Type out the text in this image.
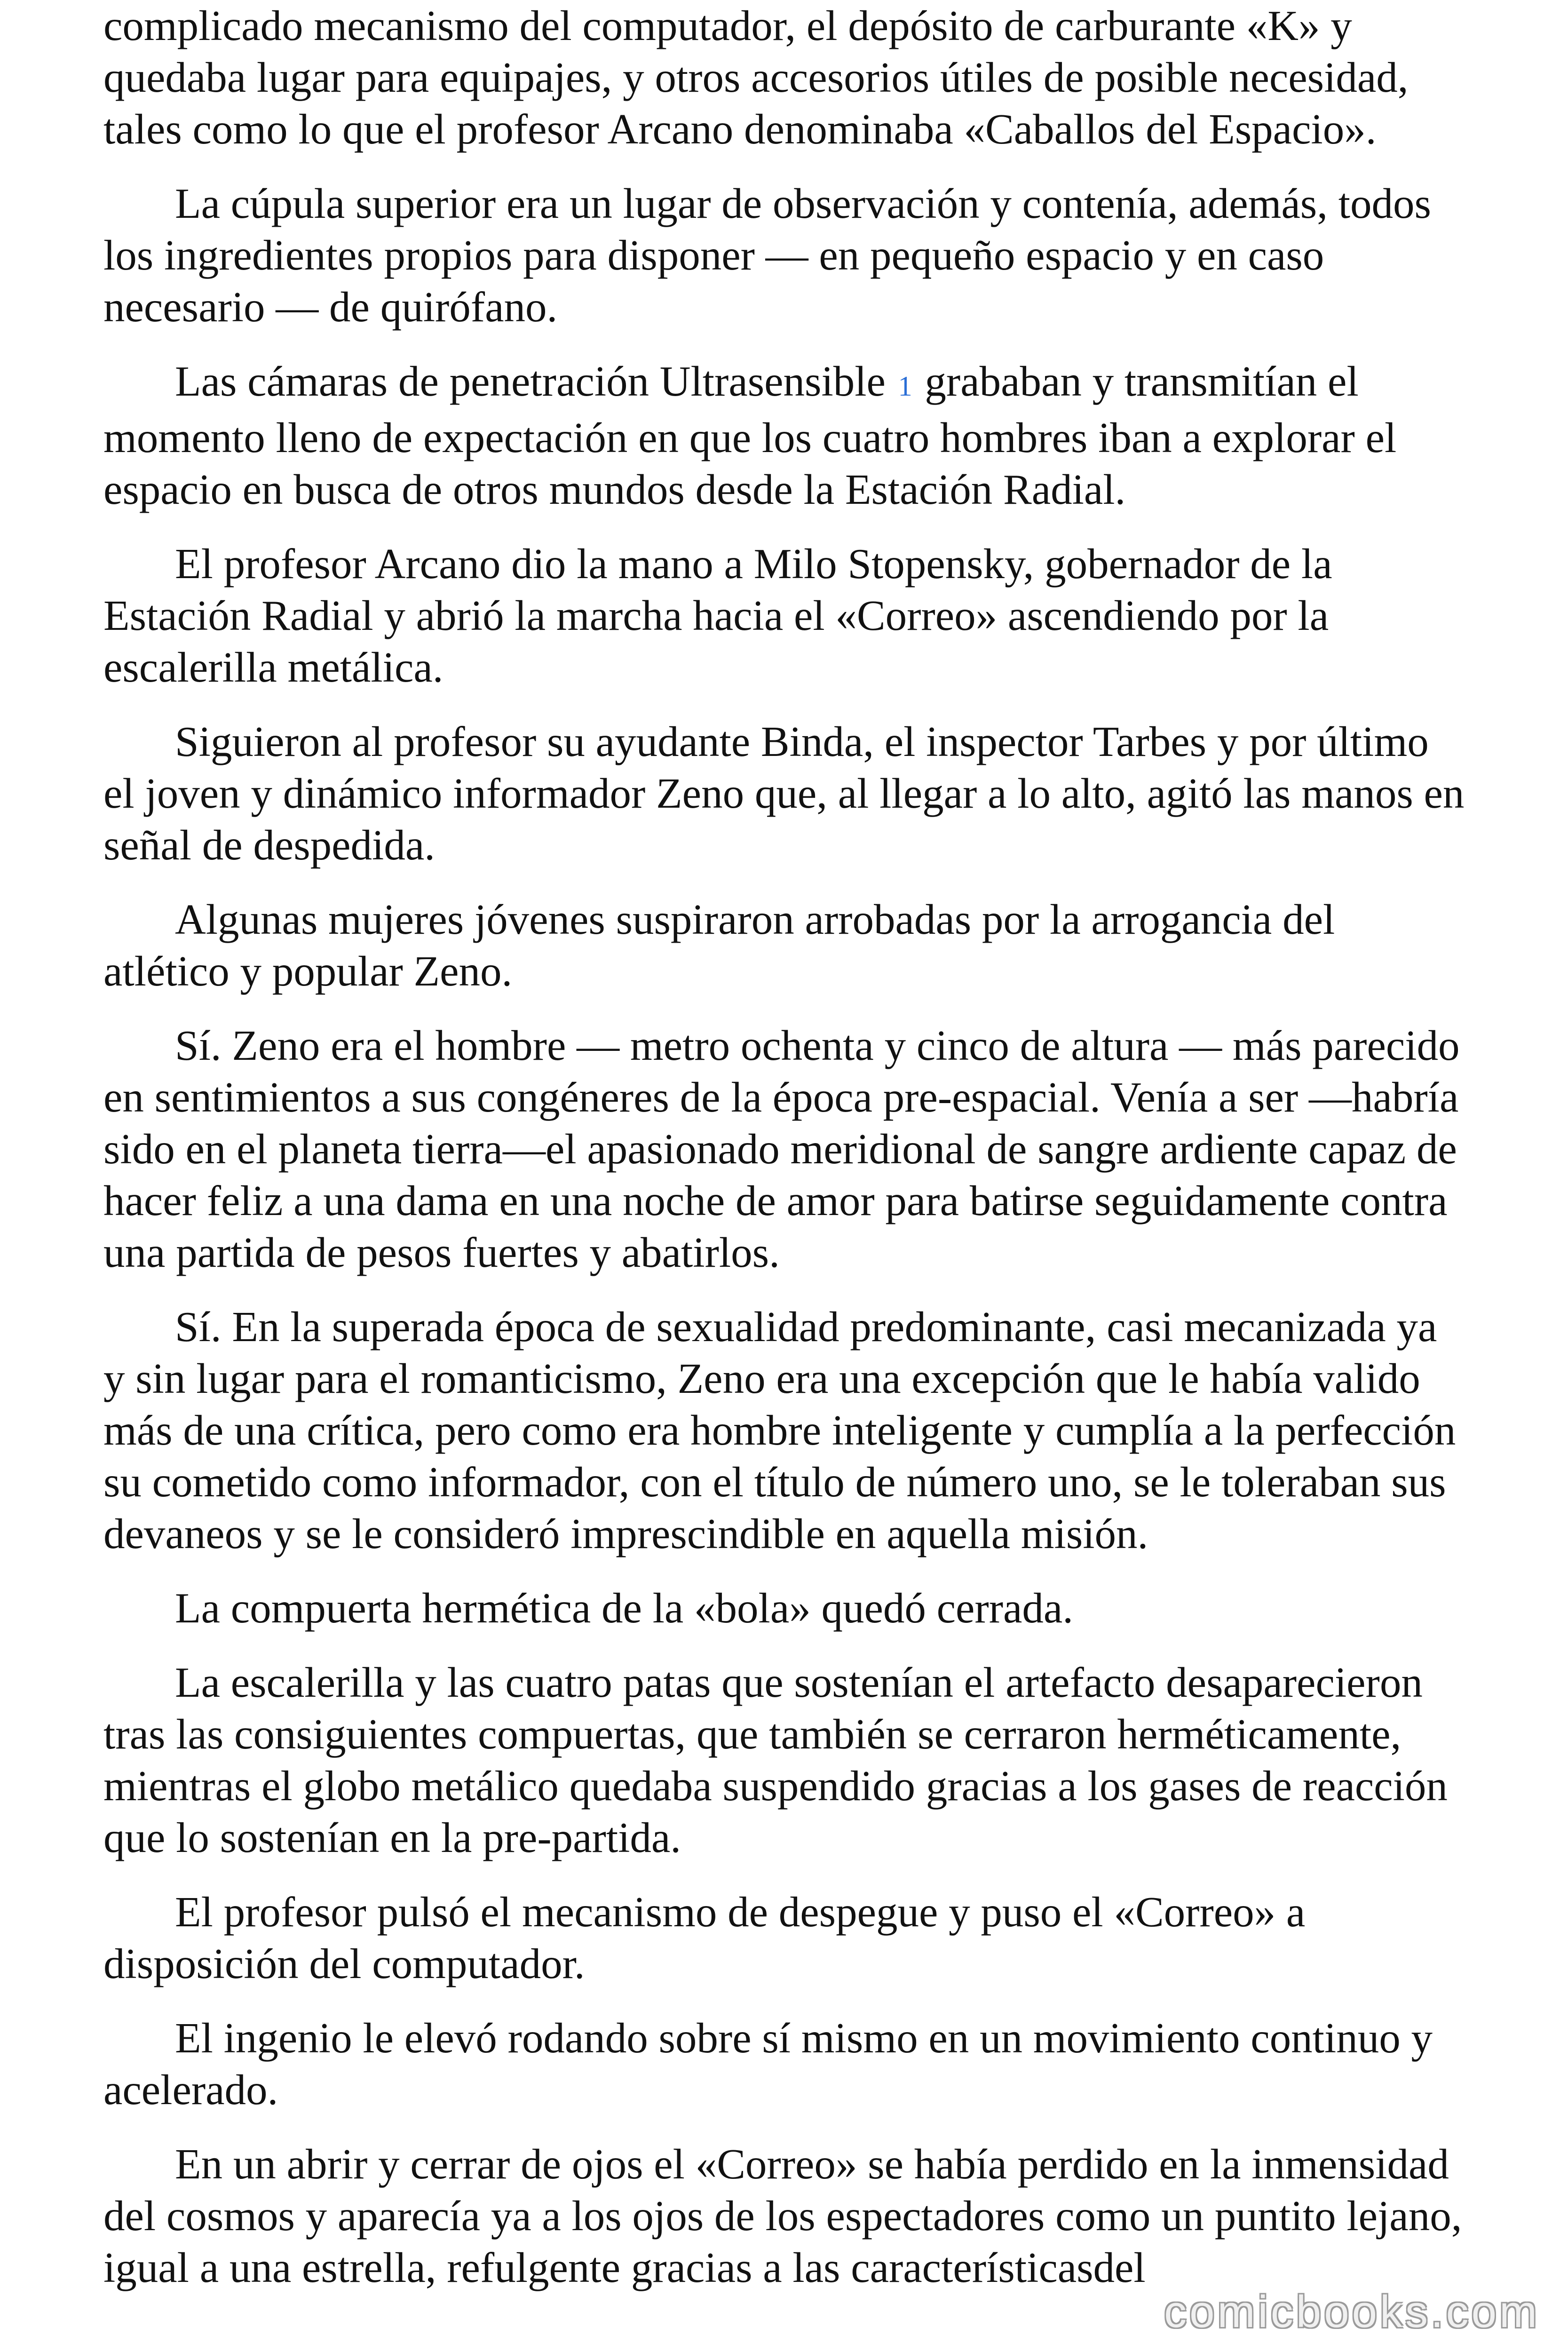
complicado mecanismo del computador, el depósito de carburante «K» y quedaba lugar para equipajes, y otros accesorios útiles de posible necesidad, tales como lo que el profesor Arcano denominaba «Caballos del Espacio».

La cúpula superior era un lugar de observación y contenía, además, todos los ingredientes propios para disponer — en pequeño espacio y en caso necesario — de quirófano.

Las cámaras de penetración Ultrasensible 1 grababan y transmitían el momento lleno de expectación en que los cuatro hombres iban a explorar el espacio en busca de otros mundos desde la Estación Radial.

El profesor Arcano dio la mano a Milo Stopensky, gobernador de la Estación Radial y abrió la marcha hacia el «Correo» ascendiendo por la escalerilla metálica.

Siguieron al profesor su ayudante Binda, el inspector Tarbes y por último el joven y dinámico informador Zeno que, al llegar a lo alto, agitó las manos en señal de despedida.

Algunas mujeres jóvenes suspiraron arrobadas por la arrogancia del atlético y popular Zeno.

Sí. Zeno era el hombre — metro ochenta y cinco de altura — más parecido en sentimientos a sus congéneres de la época pre-espacial. Venía a ser —habría sido en el planeta tierra—el apasionado meridional de sangre ardiente capaz de hacer feliz a una dama en una noche de amor para batirse seguidamente contra una partida de pesos fuertes y abatirlos.

Sí. En la superada época de sexualidad predominante, casi mecanizada ya y sin lugar para el romanticismo, Zeno era una excepción que le había valido más de una crítica, pero como era hombre inteligente y cumplía a la perfección su cometido como informador, con el título de número uno, se le toleraban sus devaneos y se le consideró imprescindible en aquella misión.

La compuerta hermética de la «bola» quedó cerrada.

La escalerilla y las cuatro patas que sostenían el artefacto desaparecieron tras las consiguientes compuertas, que también se cerraron herméticamente, mientras el globo metálico quedaba suspendido gracias a los gases de reacción que lo sostenían en la pre-partida.

El profesor pulsó el mecanismo de despegue y puso el «Correo» a disposición del computador.

El ingenio le elevó rodando sobre sí mismo en un movimiento continuo y acelerado.

En un abrir y cerrar de ojos el «Correo» se había perdido en la inmensidad del cosmos y aparecía ya a los ojos de los espectadores como un puntito lejano, igual a una estrella, refulgente gracias a las característicasdel

comicbooks.com
